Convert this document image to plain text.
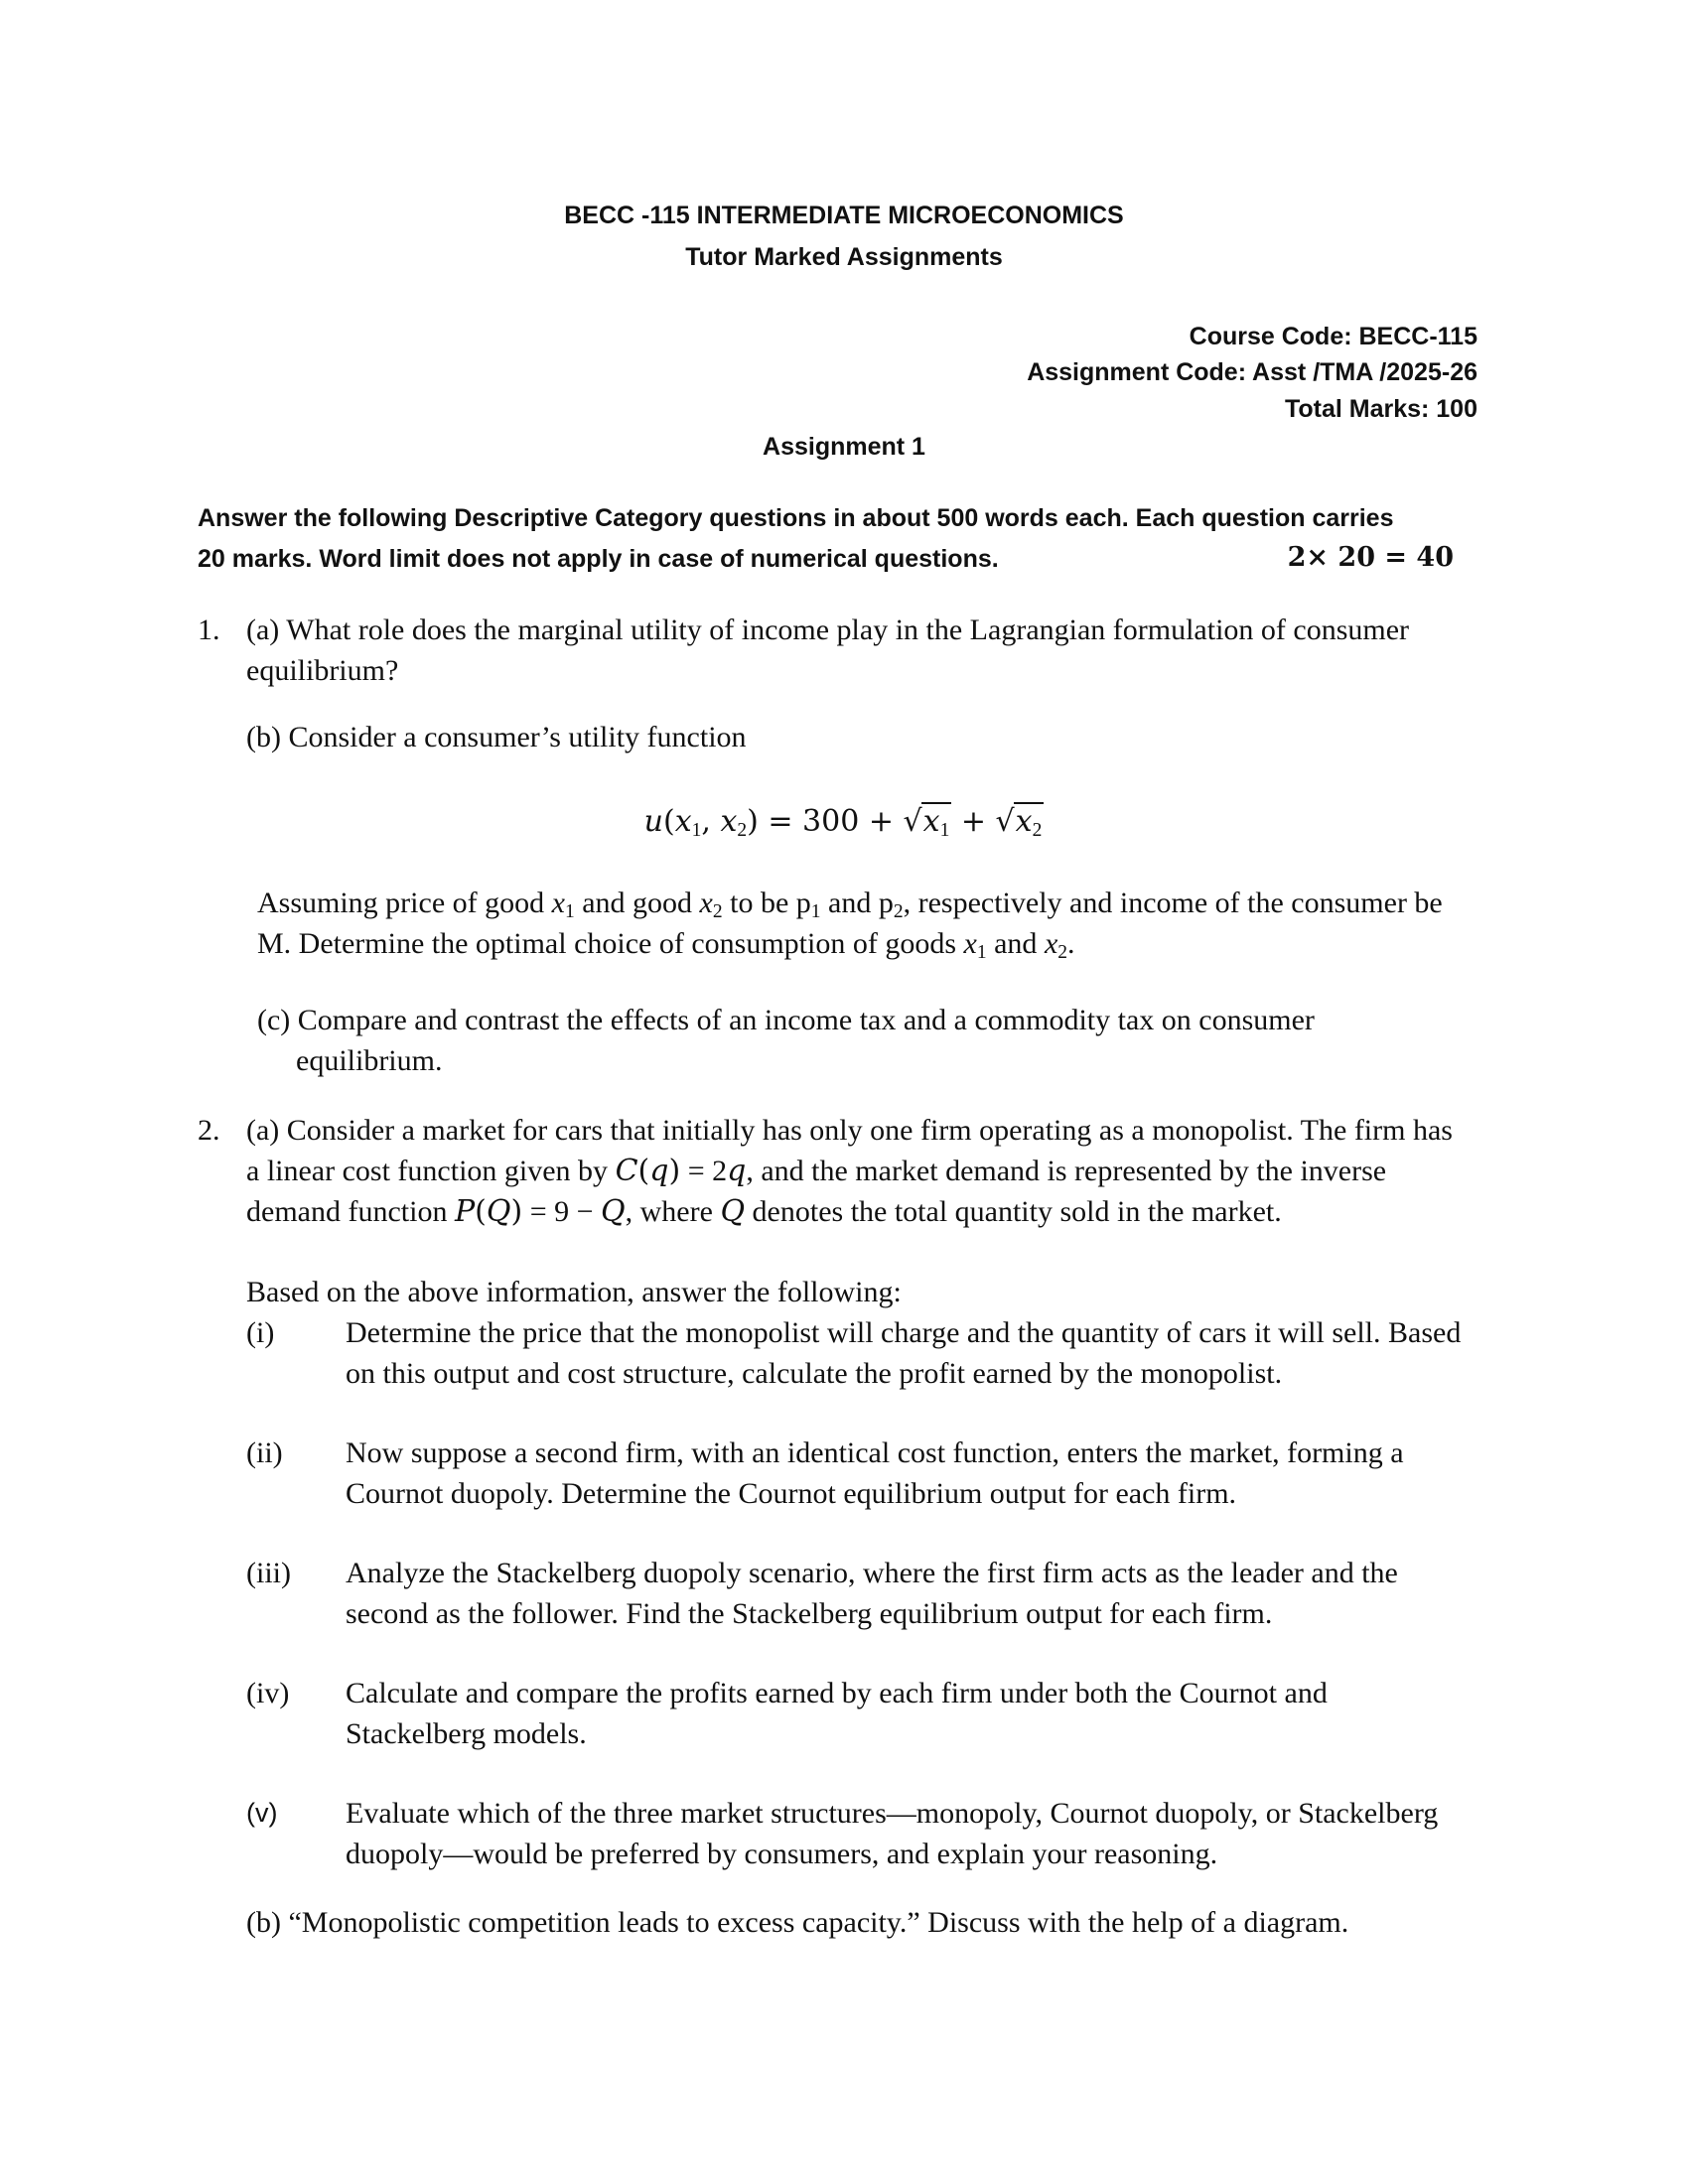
BECC -115 INTERMEDIATE MICROECONOMICS
Tutor Marked Assignments
Course Code: BECC-115
Assignment Code: Asst /TMA /2025-26
Total Marks: 100
Assignment 1
Answer the following Descriptive Category questions in about 500 words each. Each question carries
20 marks. Word limit does not apply in case of numerical questions.	2× 20 = 40
1. (a) What role does the marginal utility of income play in the Lagrangian formulation of consumer
equilibrium?
(b) Consider a consumer’s utility function
$u(x_1$, $x_2) = 300 + √x_1 + √x_2$
Assuming price of good $x_1$ and good $x_2$ to be $p_1$ and $p_2$, respectively and income of the consumer be
M. Determine the optimal choice of consumption of goods $x_1$ and $x_2$.
(c) Compare and contrast the effects of an income tax and a commodity tax on consumer
equilibrium.
2. (a) Consider a market for cars that initially has only one firm operating as a monopolist. The firm has
a linear cost function given by C(q) = 2q, and the market demand is represented by the inverse
demand function P(Q) = 9 − Q, where Q denotes the total quantity sold in the market.
Based on the above information, answer the following:
(i) Determine the price that the monopolist will charge and the quantity of cars it will sell. Based
on this output and cost structure, calculate the profit earned by the monopolist.
(ii) Now suppose a second firm, with an identical cost function, enters the market, forming a
Cournot duopoly. Determine the Cournot equilibrium output for each firm.
(iii) Analyze the Stackelberg duopoly scenario, where the first firm acts as the leader and the
second as the follower. Find the Stackelberg equilibrium output for each firm.
(iv) Calculate and compare the profits earned by each firm under both the Cournot and
Stackelberg models.
(v) Evaluate which of the three market structures—monopoly, Cournot duopoly, or Stackelberg
duopoly—would be preferred by consumers, and explain your reasoning.
(b) “Monopolistic competition leads to excess capacity.” Discuss with the help of a diagram.
